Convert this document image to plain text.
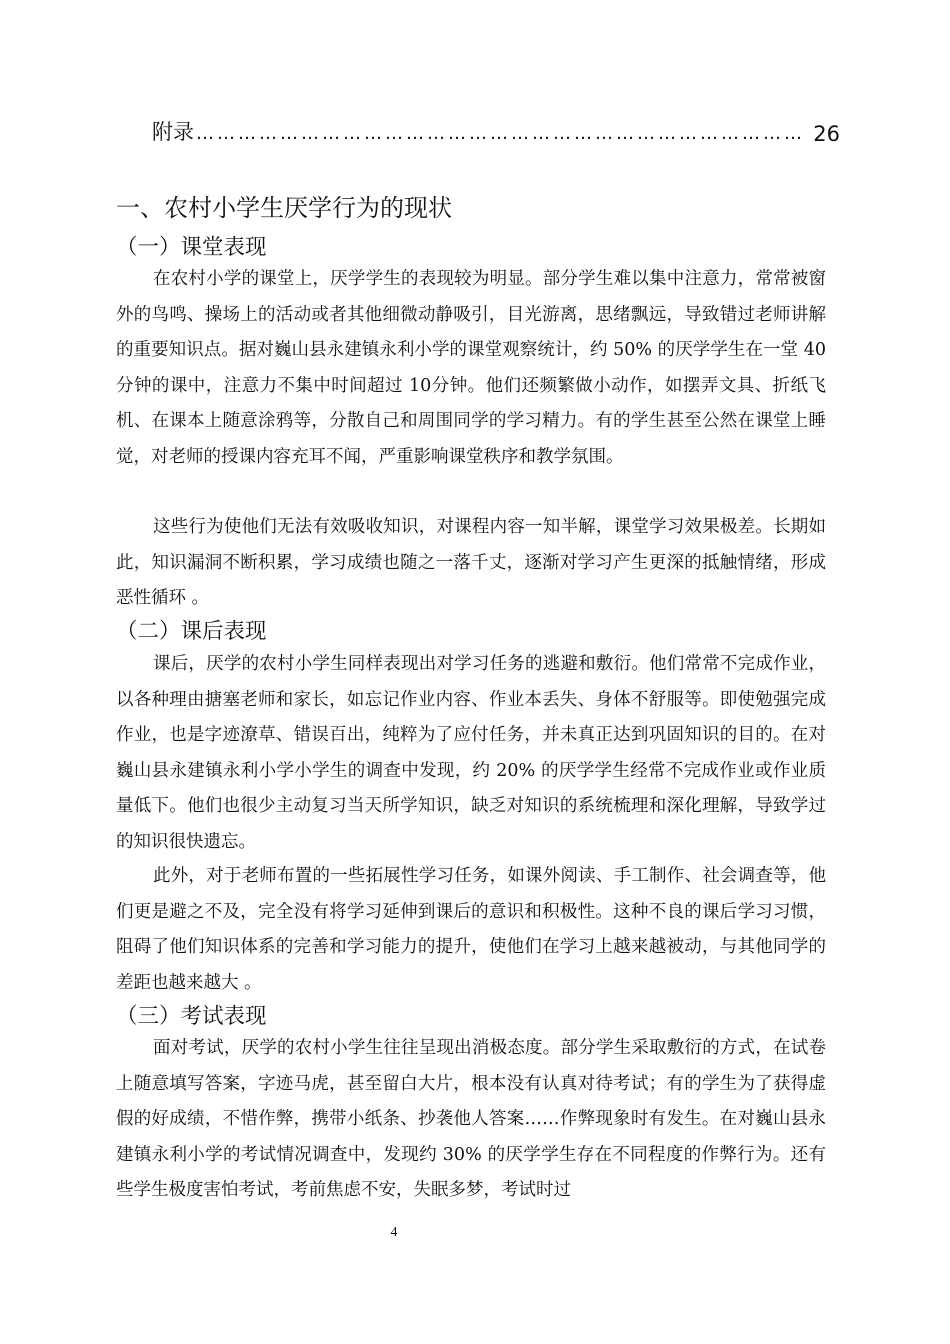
附录 …………………………………………………………………………… 26
一、农村小学生厌学行为的现状
（一）课堂表现

在农村小学的课堂上，厌学学生的表现较为明显。部分学生难以集中注意力，常常被窗外的鸟鸣、操场上的活动或者其他细微动静吸引，目光游离，思绪飘远，导致错过老师讲解的重要知识点。据对巍山县永建镇永利小学的课堂观察统计，约 50% 的厌学学生在一堂 40 分钟的课中，注意力不集中时间超过 10分钟。他们还频繁做小动作，如摆弄文具、折纸飞机、在课本上随意涂鸦等，分散自己和周围同学的学习精力。有的学生甚至公然在课堂上睡觉，对老师的授课内容充耳不闻，严重影响课堂秩序和教学氛围。

这些行为使他们无法有效吸收知识，对课程内容一知半解，课堂学习效果极差。长期如此，知识漏洞不断积累，学习成绩也随之一落千丈，逐渐对学习产生更深的抵触情绪，形成恶性循环 。

（二）课后表现

课后，厌学的农村小学生同样表现出对学习任务的逃避和敷衍。他们常常不完成作业，以各种理由搪塞老师和家长，如忘记作业内容、作业本丢失、身体不舒服等。即使勉强完成作业，也是字迹潦草、错误百出，纯粹为了应付任务，并未真正达到巩固知识的目的。在对巍山县永建镇永利小学小学生的调查中发现，约 20% 的厌学学生经常不完成作业或作业质量低下。他们也很少主动复习当天所学知识，缺乏对知识的系统梳理和深化理解，导致学过的知识很快遗忘。

此外，对于老师布置的一些拓展性学习任务，如课外阅读、手工制作、社会调查等，他们更是避之不及，完全没有将学习延伸到课后的意识和积极性。这种不良的课后学习习惯，阻碍了他们知识体系的完善和学习能力的提升，使他们在学习上越来越被动，与其他同学的差距也越来越大 。

（三）考试表现

面对考试，厌学的农村小学生往往呈现出消极态度。部分学生采取敷衍的方式，在试卷上随意填写答案，字迹马虎，甚至留白大片，根本没有认真对待考试；有的学生为了获得虚假的好成绩，不惜作弊，携带小纸条、抄袭他人答案……作弊现象时有发生。在对巍山县永建镇永利小学的考试情况调查中，发现约 30% 的厌学学生存在不同程度的作弊行为。还有些学生极度害怕考试，考前焦虑不安，失眠多梦，考试时过

4
